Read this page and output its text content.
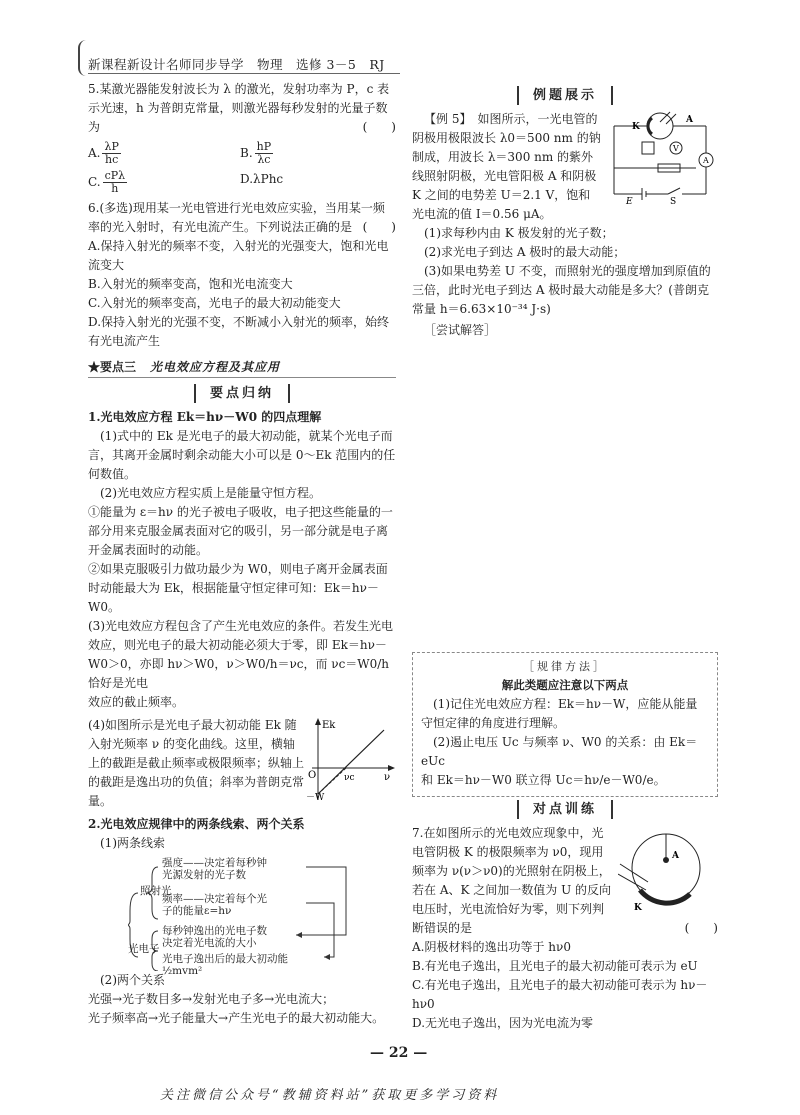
新课程新设计名师同步导学　物理　选修 3－5　RJ

5.某激光器能发射波长为 λ 的激光，发射功率为 P，c 表示光速，h 为普朗克常量，则激光器每秒发射的光量子数为	(　　)

A. $\frac{\lambda P}{hc}$	B. $\frac{hP}{\lambda c}$
C. $\frac{\text{cPλ}}{h}$	D.λPhc

6.(多选)现用某一光电管进行光电效应实验，当用某一频率的光入射时，有光电流产生。下列说法正确的是 (　　)

A.保持入射光的频率不变，入射光的光强变大，饱和光电流变大

B.入射光的频率变高，饱和光电流变大

C.入射光的频率变高，光电子的最大初动能变大

D.保持入射光的光强不变，不断减小入射光的频率，始终有光电流产生

★要点三 光电效应方程及其应用
要点归纳

1.光电效应方程 Ek＝hν－W0 的四点理解

(1)式中的 Ek 是光电子的最大初动能，就某个光电子而言，其离开金属时剩余动能大小可以是 0～Ek 范围内的任何数值。

(2)光电效应方程实质上是能量守恒方程。

①能量为 ε＝hν 的光子被电子吸收，电子把这些能量的一部分用来克服金属表面对它的吸引，另一部分就是电子离开金属表面时的动能。

②如果克服吸引力做功最少为 W0，则电子离开金属表面时动能最大为 Ek，根据能量守恒定律可知：Ek＝hν－W0。

(3)光电效应方程包含了产生光电效应的条件。若发生光电效应，则光电子的最大初动能必须大于零，即 Ek＝hν－

W0＞0，亦即 hν＞W0，ν＞W0/h＝νc，而 νc＝W0/h 恰好是光电

效应的截止频率。

(4)如图所示是光电子最大初动能 Ek 随入射光频率 ν 的变化曲线。这里，横轴上的截距是截止频率或极限频率；纵轴上的截距是逸出功的负值；斜率为普朗克常量。

Ek
ν
O	νc
－W

2.光电效应规律中的两条线索、两个关系

(1)两条线索

照射光
强度——决定着每秒钟光源发射的光子数
频率——决定着每个光子的能量ε=hν
光电子
每秒钟逸出的光电子数决定着光电流的大小
光电子逸出后的最大初动能 ½mvm²

(2)两个关系

光强→光子数目多→发射光电子多→光电流大；

光子频率高→光子能量大→产生光电子的最大初动能大。

例题展示
K
A
V
A
E	S

【例 5】　如图所示，一光电管的阴极用极限波长 λ0＝500 nm 的钠制成，用波长 λ＝300 nm 的紫外线照射阴极，光电管阳极 A 和阴极 K 之间的电势差 U＝2.1 V，饱和光电流的值 I＝0.56 μA。

(1)求每秒内由 K 极发射的光子数；

(2)求光电子到达 A 极时的最大动能；

(3)如果电势差 U 不变，而照射光的强度增加到原值的三倍，此时光电子到达 A 极时最大动能是多大？(普朗克常量 h＝6.63×10⁻³⁴ J·s)

［尝试解答］

［规律方法］

解此类题应注意以下两点

(1)记住光电效应方程：Ek＝hν－W，应能从能量守恒定律的角度进行理解。

(2)遏止电压 Uc 与频率 ν、W0 的关系：由 Ek＝eUc

和 Ek＝hν－W0 联立得 Uc＝hν/e－W0/e。

对点训练
A
K

7.在如图所示的光电效应现象中，光电管阴极 K 的极限频率为 ν0，现用频率为 ν(ν＞ν0)的光照射在阴极上，若在 A、K 之间加一数值为 U 的反向电压时，光电流恰好为零，则下列判断错误的是	(　　)

A.阴极材料的逸出功等于 hν0

B.有光电子逸出，且光电子的最大初动能可表示为 eU

C.有光电子逸出，且光电子的最大初动能可表示为 hν－hν0

D.无光电子逸出，因为光电流为零

— 22 —
关注微信公众号“教辅资料站”获取更多学习资料
